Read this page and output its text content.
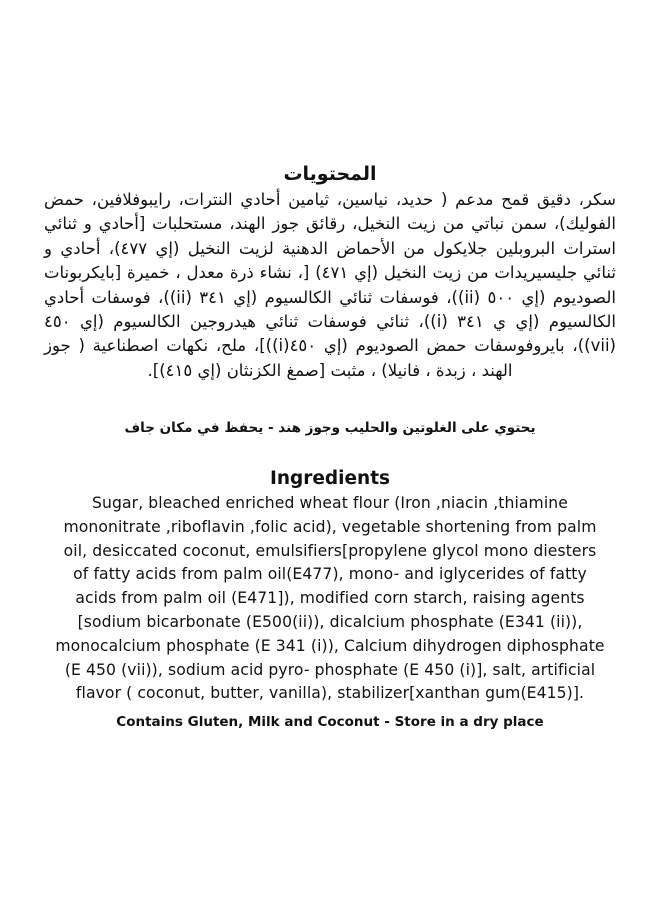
المحتويات
سكر، دقيق قمح مدعم ( حديد، نياسين، ثيامين أحادي النترات، رايبوفلافين، حمض الفوليك)، سمن نباتي من زيت النخيل، رقائق جوز الهند، مستحلبات [أحادي و ثنائي استرات البروبلين جلايكول من الأحماض الدهنية لزيت النخيل (إي ٤٧٧)، أحادي و ثنائي جليسيريدات من زيت النخيل (إي ٤٧١) [، نشاء ذرة معدل ، خميرة [بايكربونات الصوديوم (إي ٥٠٠ (ii))، فوسفات ثنائي الكالسيوم (إي ٣٤١ (ii))، فوسفات أحادي الكالسيوم (إي ي ٣٤١ (i))، ثنائي فوسفات ثنائي هيدروجين الكالسيوم (إي ٤٥٠ (vii))، بايروفوسفات حمض الصوديوم (إي ٤٥٠(i))]، ملح، نكهات اصطناعية ( جوز الهند ، زبدة ، فانيلا) ، مثبت [صمغ الكزنثان (إي ٤١٥)].
يحتوي على الغلوتين والحليب وجوز هند - يحفظ في مكان جاف
Ingredients
Sugar, bleached enriched wheat flour (Iron ,niacin ,thiamine
mononitrate ,riboflavin ,folic acid), vegetable shortening from palm
oil, desiccated coconut, emulsifiers[propylene glycol mono diesters
of fatty acids from palm oil(E477), mono- and iglycerides of fatty
acids from palm oil (E471]), modified corn starch, raising agents
[sodium bicarbonate (E500(ii)), dicalcium phosphate (E341 (ii)),
monocalcium phosphate (E 341 (i)), Calcium dihydrogen diphosphate
(E 450 (vii)), sodium acid pyro- phosphate (E 450 (i)], salt, artificial
flavor ( coconut, butter, vanilla), stabilizer[xanthan gum(E415)].
Contains Gluten, Milk and Coconut - Store in a dry place
